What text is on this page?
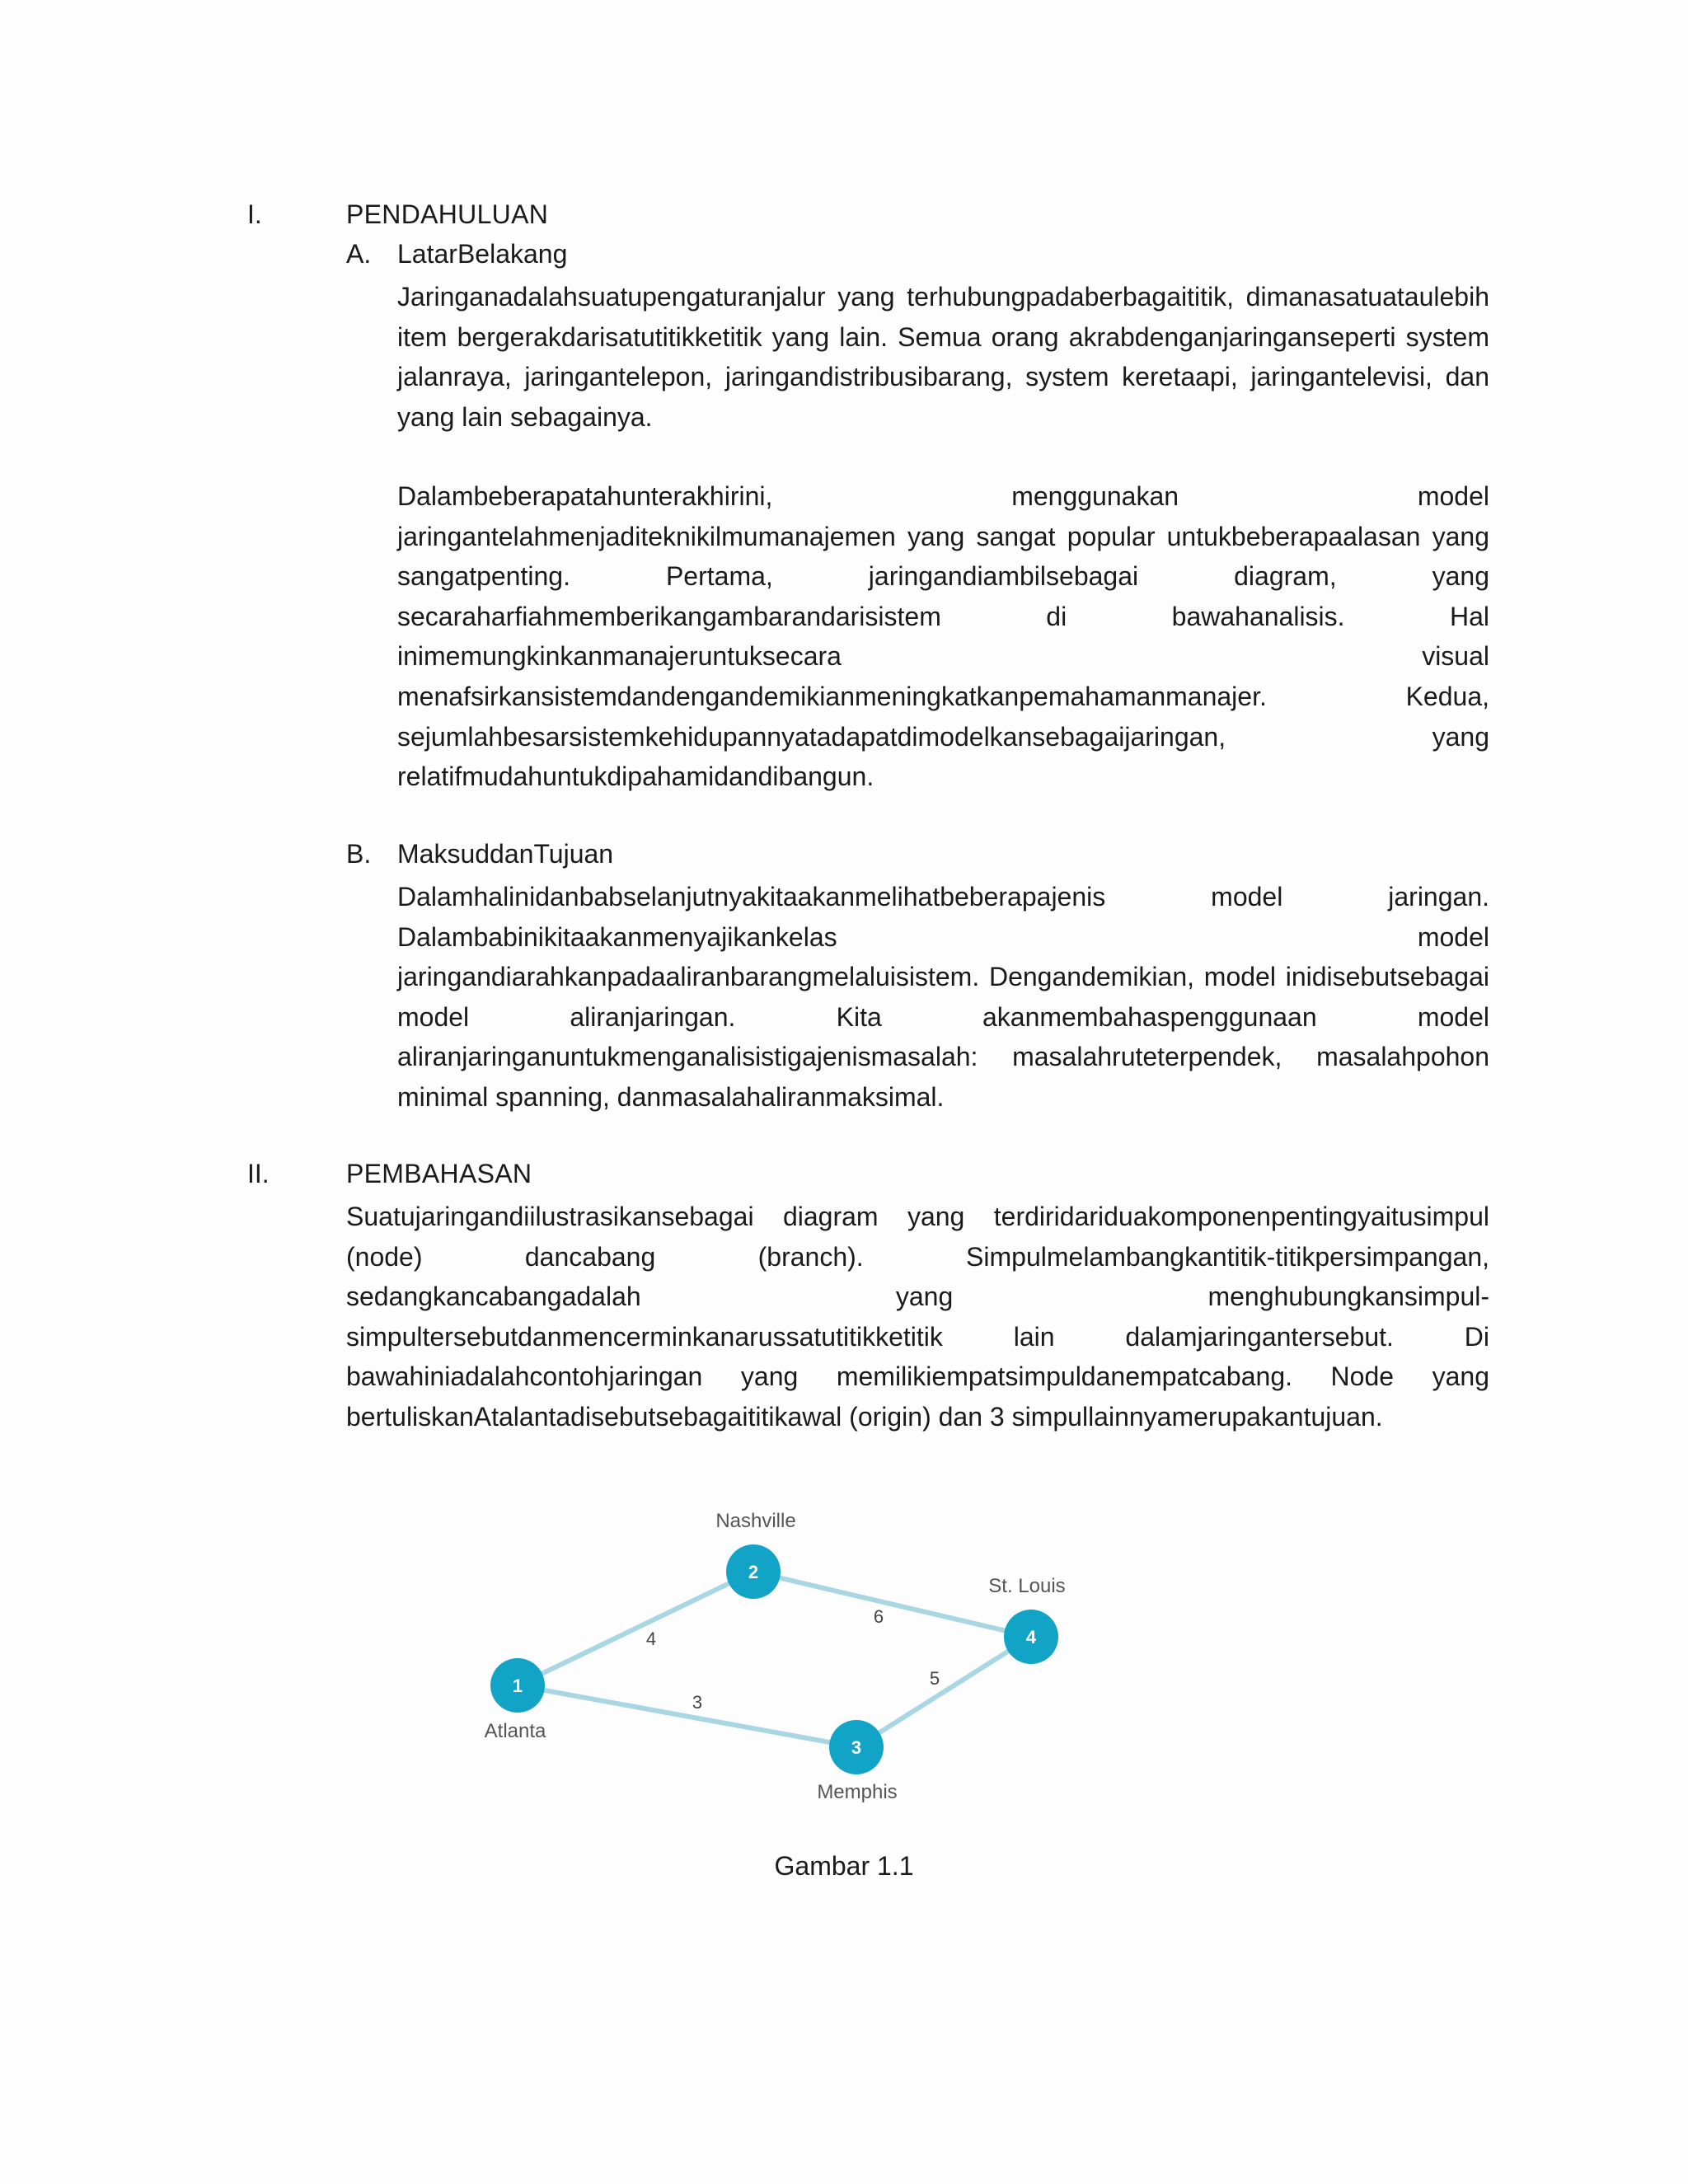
I.	PENDAHULUAN
A. LatarBelakang

Jaringanadalahsuatupengaturanjalur yang terhubungpadaberbagaititik, dimanasatuataulebih item bergerakdarisatutitikketitik yang lain. Semua orang akrabdenganjaringanseperti system jalanraya, jaringantelepon, jaringandistribusibarang, system keretaapi, jaringantelevisi, dan yang lain sebagainya.

Dalambeberapatahunterakhirini, menggunakan model jaringantelahmenjaditeknikilmumanajemen yang sangat popular untukbeberapaalasan yang sangatpenting. Pertama, jaringandiambilsebagai diagram, yang secaraharfiahmemberikangambarandarisistem di bawahanalisis. Hal inimemungkinkanmanajeruntuksecara visual menafsirkansistemdandengandemikianmeningkatkanpemahamanmanajer. Kedua, sejumlahbesarsistemkehidupannyatadapatdimodelkansebagaijaringan, yang relatifmudahuntukdipahamidandibangun.

B. MaksuddanTujuan

Dalamhalinidanbabselanjutnyakitaakanmelihatbeberapajenis model jaringan. Dalambabinikitaakanmenyajikankelas model jaringandiarahkanpadaaliranbarangmelaluisistem. Dengandemikian, model inidisebutsebagai model aliranjaringan. Kita akanmembahaspenggunaan model aliranjaringanuntukmenganalisistigajenismasalah: masalahruteterpendek, masalahpohon minimal spanning, danmasalahaliranmaksimal.

II.	PEMBAHASAN

Suatujaringandiilustrasikansebagai diagram yang terdiridariduakomponenpentingyaitusimpul (node) dancabang (branch). Simpulmelambangkantitik-titikpersimpangan, sedangkancabangadalah yang menghubungkansimpul-simpultersebutdanmencerminkanarussatutitikketitik lain dalamjaringantersebut. Di bawahiniadalahcontohjaringan yang memilikiempatsimpuldanempatcabang. Node yang bertuliskanAtalantadisebutsebagaititikawal (origin) dan 3 simpullainnyamerupakantujuan.

4
3
6
5
1
Atlanta
2
Nashville
3
Memphis
4
St. Louis
Gambar 1.1
